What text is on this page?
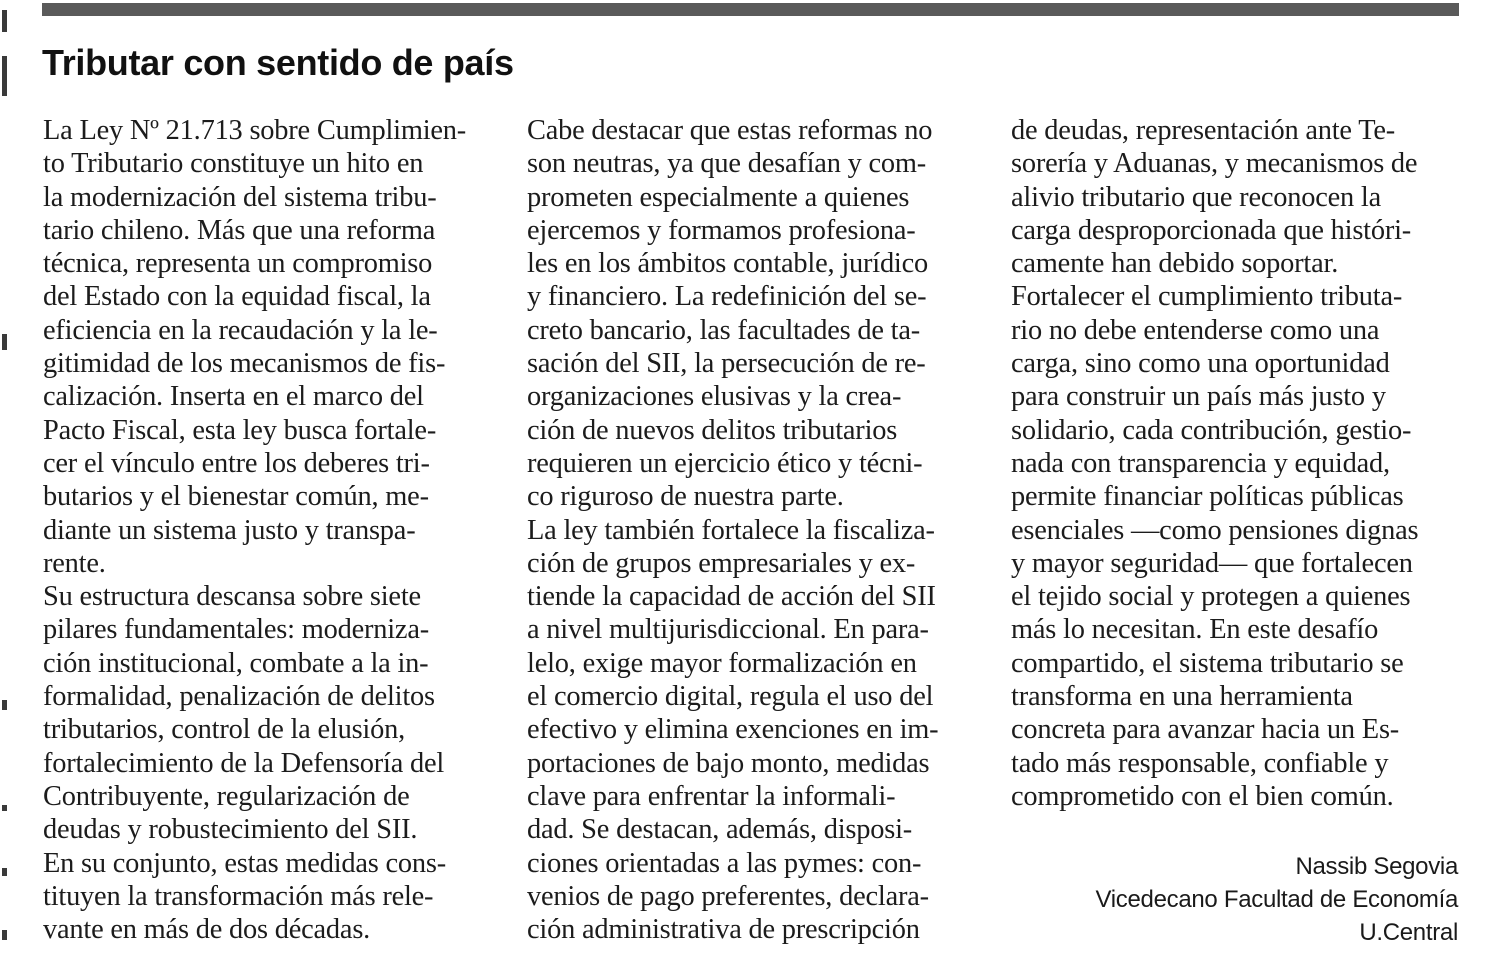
Tributar con sentido de país
La Ley Nº 21.713 sobre Cumplimien-
to Tributario constituye un hito en
la modernización del sistema tribu-
tario chileno. Más que una reforma
técnica, representa un compromiso
del Estado con la equidad fiscal, la
eficiencia en la recaudación y la le-
gitimidad de los mecanismos de fis-
calización. Inserta en el marco del
Pacto Fiscal, esta ley busca fortale-
cer el vínculo entre los deberes tri-
butarios y el bienestar común, me-
diante un sistema justo y transpa-
rente.
Su estructura descansa sobre siete
pilares fundamentales: moderniza-
ción institucional, combate a la in-
formalidad, penalización de delitos
tributarios, control de la elusión,
fortalecimiento de la Defensoría del
Contribuyente, regularización de
deudas y robustecimiento del SII.
En su conjunto, estas medidas cons-
tituyen la transformación más rele-
vante en más de dos décadas.
Cabe destacar que estas reformas no
son neutras, ya que desafían y com-
prometen especialmente a quienes
ejercemos y formamos profesiona-
les en los ámbitos contable, jurídico
y financiero. La redefinición del se-
creto bancario, las facultades de ta-
sación del SII, la persecución de re-
organizaciones elusivas y la crea-
ción de nuevos delitos tributarios
requieren un ejercicio ético y técni-
co riguroso de nuestra parte.
La ley también fortalece la fiscaliza-
ción de grupos empresariales y ex-
tiende la capacidad de acción del SII
a nivel multijurisdiccional. En para-
lelo, exige mayor formalización en
el comercio digital, regula el uso del
efectivo y elimina exenciones en im-
portaciones de bajo monto, medidas
clave para enfrentar la informali-
dad. Se destacan, además, disposi-
ciones orientadas a las pymes: con-
venios de pago preferentes, declara-
ción administrativa de prescripción
de deudas, representación ante Te-
sorería y Aduanas, y mecanismos de
alivio tributario que reconocen la
carga desproporcionada que históri-
camente han debido soportar.
Fortalecer el cumplimiento tributa-
rio no debe entenderse como una
carga, sino como una oportunidad
para construir un país más justo y
solidario, cada contribución, gestio-
nada con transparencia y equidad,
permite financiar políticas públicas
esenciales —como pensiones dignas
y mayor seguridad— que fortalecen
el tejido social y protegen a quienes
más lo necesitan. En este desafío
compartido, el sistema tributario se
transforma en una herramienta
concreta para avanzar hacia un Es-
tado más responsable, confiable y
comprometido con el bien común.
Nassib Segovia
Vicedecano Facultad de Economía
U.Central
